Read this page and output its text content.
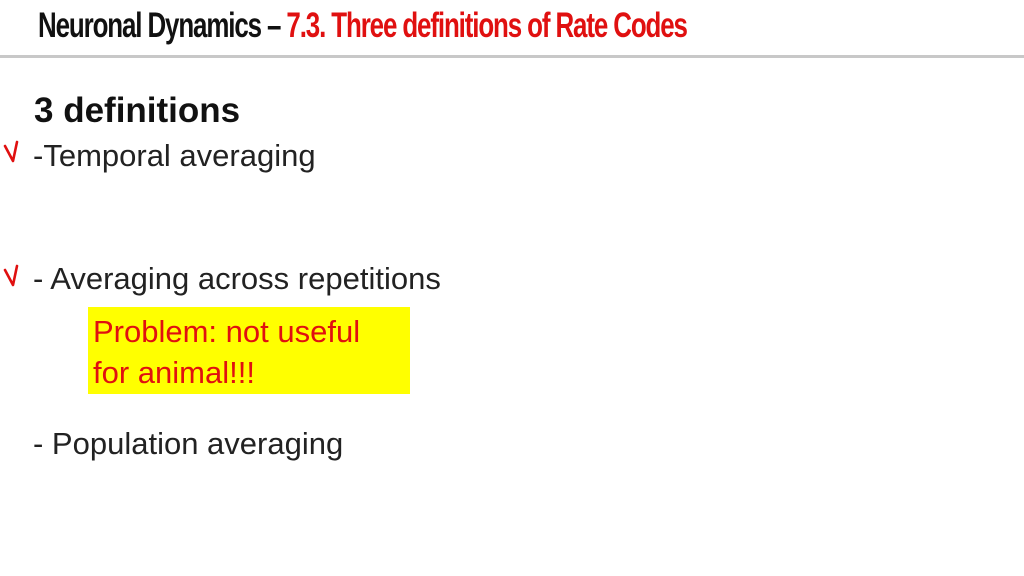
Neuronal Dynamics – 7.3. Three definitions of Rate Codes
3 definitions
-Temporal averaging
- Averaging across repetitions
Problem: not useful
for animal!!!
- Population averaging
